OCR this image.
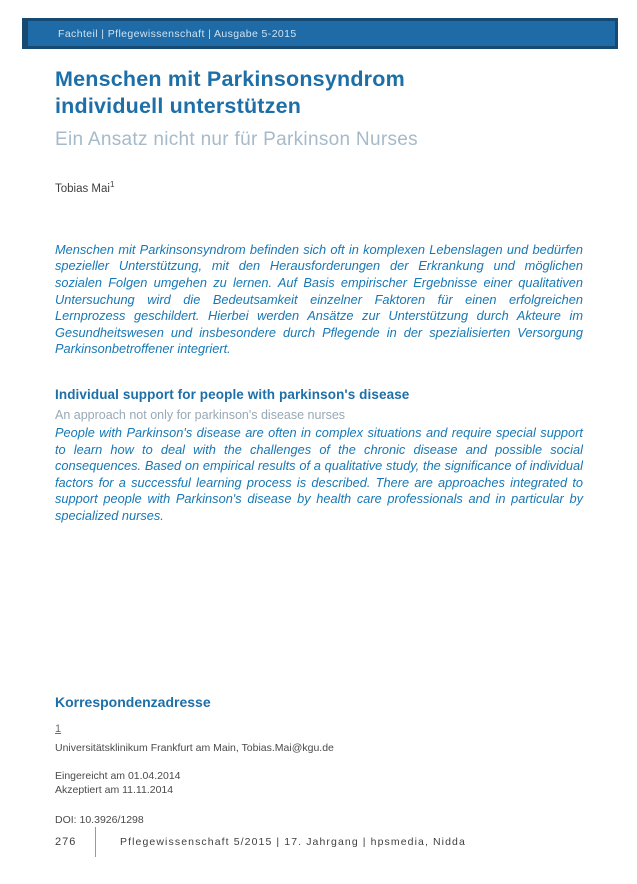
Fachteil | Pflegewissenschaft | Ausgabe 5-2015
Menschen mit Parkinsonsyndrom
individuell unterstützen
Ein Ansatz nicht nur für Parkinson Nurses
Tobias Mai$^1$

Menschen mit Parkinsonsyndrom befinden sich oft in komplexen Lebenslagen und bedürfen spezieller Unterstützung, mit den Herausforderungen der Erkrankung und möglichen sozialen Folgen umgehen zu lernen. Auf Basis empirischer Ergebnisse einer qualitativen Untersuchung wird die Bedeutsamkeit einzelner Faktoren für einen erfolgreichen Lernprozess geschildert. Hierbei werden Ansätze zur Unterstützung durch Akteure im Gesundheitswesen und insbesondere durch Pflegende in der spezialisierten Versorgung Parkinsonbetroffener integriert.

Individual support for people with parkinson's disease
An approach not only for parkinson's disease nurses

People with Parkinson's disease are often in complex situations and require special support to learn how to deal with the challenges of the chronic disease and possible social consequences. Based on empirical results of a qualitative study, the significance of individual factors for a successful learning process is described. There are approaches integrated to support people with Parkinson's disease by health care professionals and in particular by specialized nurses.

Korrespondenzadresse
1
Universitätsklinikum Frankfurt am Main, Tobias.Mai@kgu.de
Eingereicht am 01.04.2014
Akzeptiert am 11.11.2014
DOI: 10.3926/1298
276	Pflegewissenschaft 5/2015 | 17. Jahrgang | hpsmedia, Nidda
